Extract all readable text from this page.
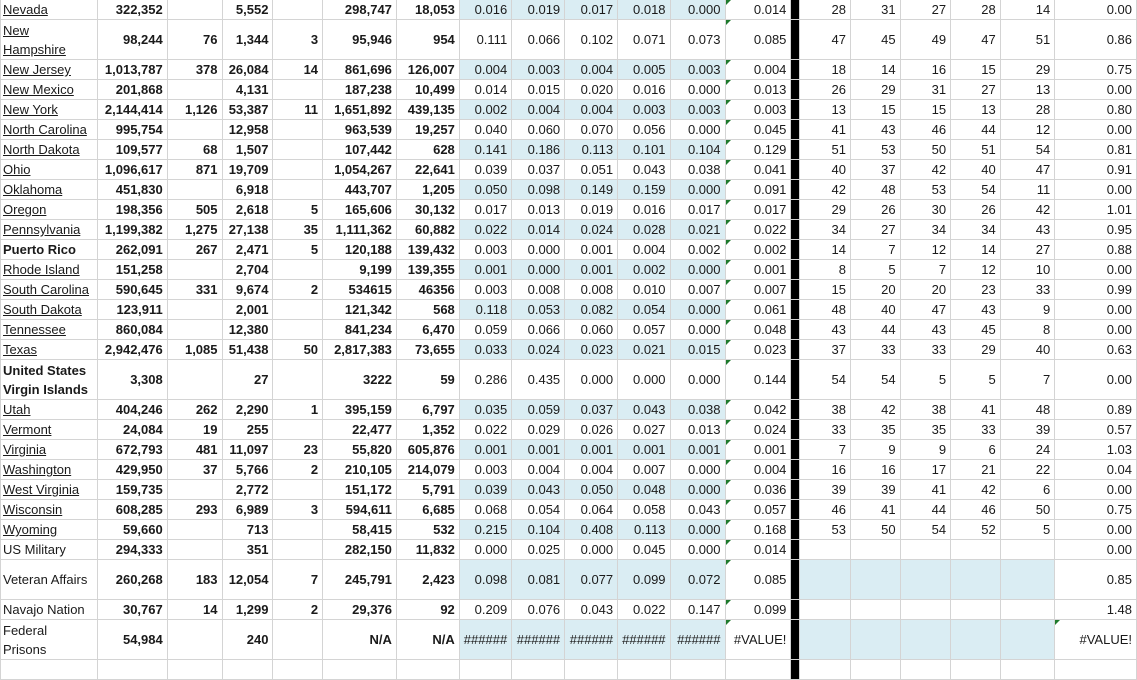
Nevada	322,352		5,552		298,747	18,053	0.016	0.019	0.017	0.018	0.000	0.014		28	31	27	28	14	0.00
New Hampshire	98,244	76	1,344	3	95,946	954	0.111	0.066	0.102	0.071	0.073	0.085		47	45	49	47	51	0.86
New Jersey	1,013,787	378	26,084	14	861,696	126,007	0.004	0.003	0.004	0.005	0.003	0.004		18	14	16	15	29	0.75
New Mexico	201,868		4,131		187,238	10,499	0.014	0.015	0.020	0.016	0.000	0.013		26	29	31	27	13	0.00
New York	2,144,414	1,126	53,387	11	1,651,892	439,135	0.002	0.004	0.004	0.003	0.003	0.003		13	15	15	13	28	0.80
North Carolina	995,754		12,958		963,539	19,257	0.040	0.060	0.070	0.056	0.000	0.045		41	43	46	44	12	0.00
North Dakota	109,577	68	1,507		107,442	628	0.141	0.186	0.113	0.101	0.104	0.129		51	53	50	51	54	0.81
Ohio	1,096,617	871	19,709		1,054,267	22,641	0.039	0.037	0.051	0.043	0.038	0.041		40	37	42	40	47	0.91
Oklahoma	451,830		6,918		443,707	1,205	0.050	0.098	0.149	0.159	0.000	0.091		42	48	53	54	11	0.00
Oregon	198,356	505	2,618	5	165,606	30,132	0.017	0.013	0.019	0.016	0.017	0.017		29	26	30	26	42	1.01
Pennsylvania	1,199,382	1,275	27,138	35	1,111,362	60,882	0.022	0.014	0.024	0.028	0.021	0.022		34	27	34	34	43	0.95
Puerto Rico	262,091	267	2,471	5	120,188	139,432	0.003	0.000	0.001	0.004	0.002	0.002		14	7	12	14	27	0.88
Rhode Island	151,258		2,704		9,199	139,355	0.001	0.000	0.001	0.002	0.000	0.001		8	5	7	12	10	0.00
South Carolina	590,645	331	9,674	2	534615	46356	0.003	0.008	0.008	0.010	0.007	0.007		15	20	20	23	33	0.99
South Dakota	123,911		2,001		121,342	568	0.118	0.053	0.082	0.054	0.000	0.061		48	40	47	43	9	0.00
Tennessee	860,084		12,380		841,234	6,470	0.059	0.066	0.060	0.057	0.000	0.048		43	44	43	45	8	0.00
Texas	2,942,476	1,085	51,438	50	2,817,383	73,655	0.033	0.024	0.023	0.021	0.015	0.023		37	33	33	29	40	0.63
United States Virgin Islands	3,308		27		3222	59	0.286	0.435	0.000	0.000	0.000	0.144		54	54	5	5	7	0.00
Utah	404,246	262	2,290	1	395,159	6,797	0.035	0.059	0.037	0.043	0.038	0.042		38	42	38	41	48	0.89
Vermont	24,084	19	255		22,477	1,352	0.022	0.029	0.026	0.027	0.013	0.024		33	35	35	33	39	0.57
Virginia	672,793	481	11,097	23	55,820	605,876	0.001	0.001	0.001	0.001	0.001	0.001		7	9	9	6	24	1.03
Washington	429,950	37	5,766	2	210,105	214,079	0.003	0.004	0.004	0.007	0.000	0.004		16	16	17	21	22	0.04
West Virginia	159,735		2,772		151,172	5,791	0.039	0.043	0.050	0.048	0.000	0.036		39	39	41	42	6	0.00
Wisconsin	608,285	293	6,989	3	594,611	6,685	0.068	0.054	0.064	0.058	0.043	0.057		46	41	44	46	50	0.75
Wyoming	59,660		713		58,415	532	0.215	0.104	0.408	0.113	0.000	0.168		53	50	54	52	5	0.00
US Military	294,333		351		282,150	11,832	0.000	0.025	0.000	0.045	0.000	0.014							0.00
Veteran Affairs	260,268	183	12,054	7	245,791	2,423	0.098	0.081	0.077	0.099	0.072	0.085							0.85
Navajo Nation	30,767	14	1,299	2	29,376	92	0.209	0.076	0.043	0.022	0.147	0.099							1.48
Federal Prisons	54,984		240		N/A	N/A	######	######	######	######	######	#VALUE!							#VALUE!
